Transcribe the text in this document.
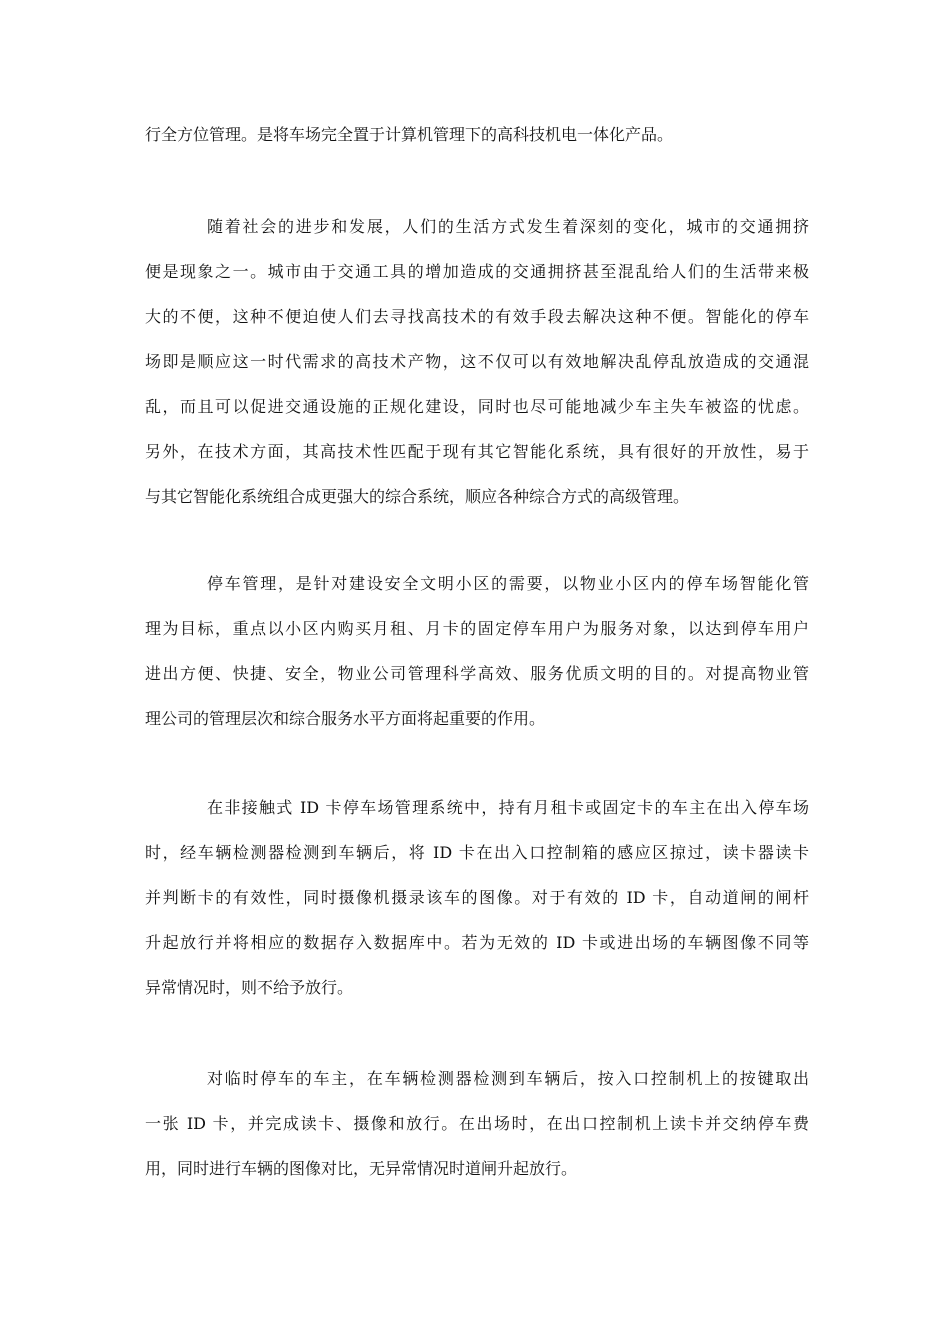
行全方位管理。是将车场完全置于计算机管理下的高科技机电一体化产品。
随着社会的进步和发展，人们的生活方式发生着深刻的变化，城市的交通拥挤
便是现象之一。城市由于交通工具的增加造成的交通拥挤甚至混乱给人们的生活带来极
大的不便，这种不便迫使人们去寻找高技术的有效手段去解决这种不便。智能化的停车
场即是顺应这一时代需求的高技术产物，这不仅可以有效地解决乱停乱放造成的交通混
乱，而且可以促进交通设施的正规化建设，同时也尽可能地减少车主失车被盗的忧虑。
另外，在技术方面，其高技术性匹配于现有其它智能化系统，具有很好的开放性，易于
与其它智能化系统组合成更强大的综合系统，顺应各种综合方式的高级管理。
停车管理，是针对建设安全文明小区的需要，以物业小区内的停车场智能化管
理为目标，重点以小区内购买月租、月卡的固定停车用户为服务对象，以达到停车用户
进出方便、快捷、安全，物业公司管理科学高效、服务优质文明的目的。对提高物业管
理公司的管理层次和综合服务水平方面将起重要的作用。
在非接触式 ID 卡停车场管理系统中，持有月租卡或固定卡的车主在出入停车场
时，经车辆检测器检测到车辆后，将 ID 卡在出入口控制箱的感应区掠过，读卡器读卡
并判断卡的有效性，同时摄像机摄录该车的图像。对于有效的 ID 卡，自动道闸的闸杆
升起放行并将相应的数据存入数据库中。若为无效的 ID 卡或进出场的车辆图像不同等
异常情况时，则不给予放行。
对临时停车的车主，在车辆检测器检测到车辆后，按入口控制机上的按键取出
一张 ID 卡，并完成读卡、摄像和放行。在出场时，在出口控制机上读卡并交纳停车费
用，同时进行车辆的图像对比，无异常情况时道闸升起放行。
